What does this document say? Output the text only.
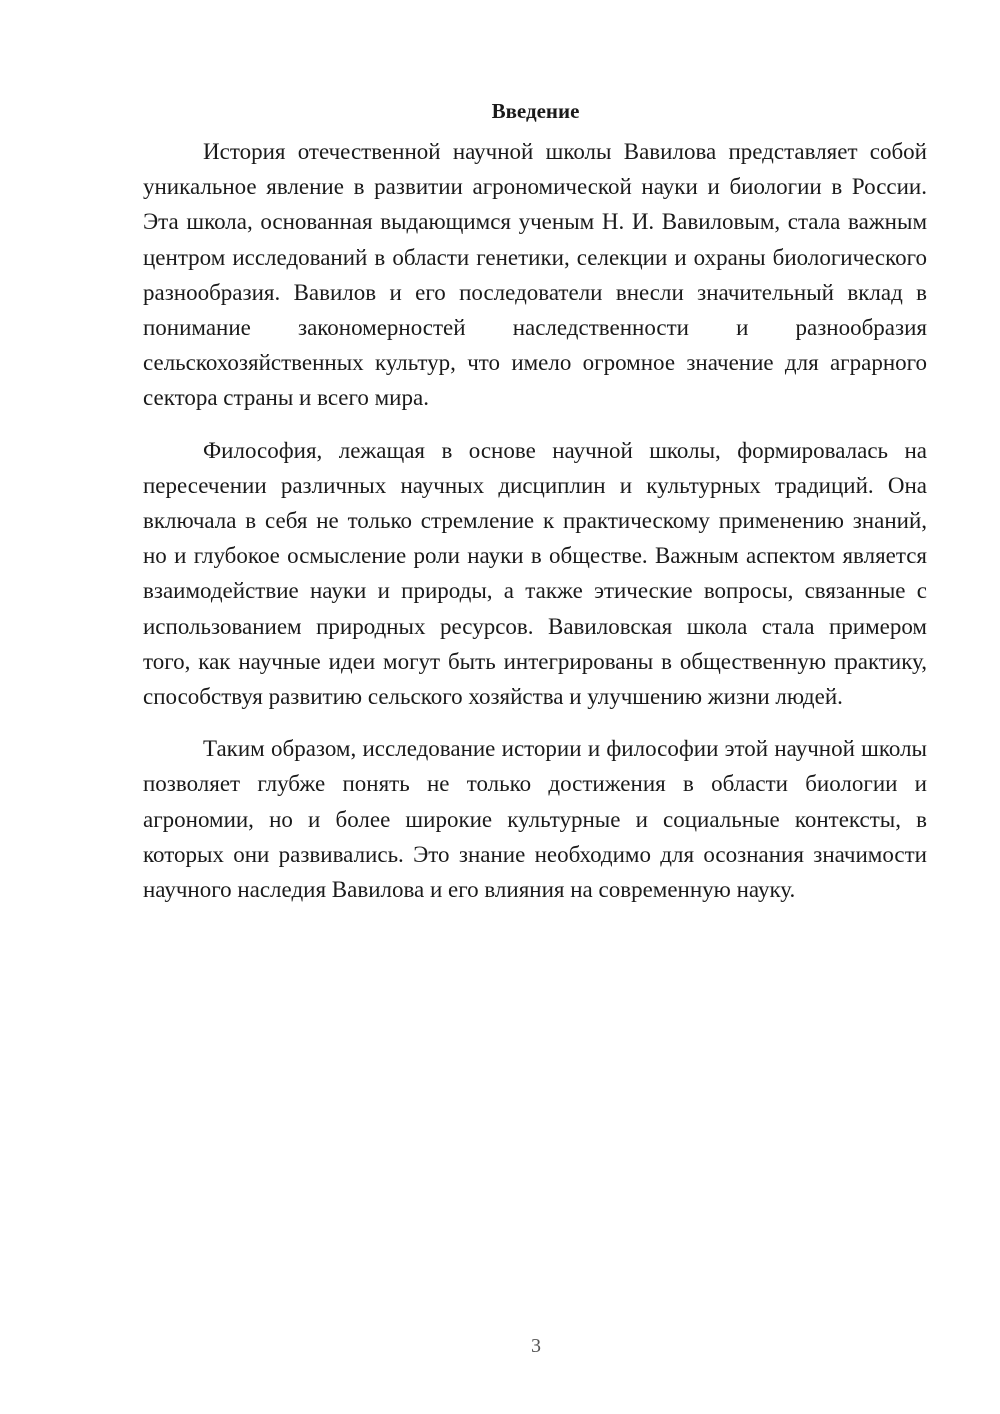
Введение

История отечественной научной школы Вавилова представляет собой уникальное явление в развитии агрономической науки и биологии в России. Эта школа, основанная выдающимся ученым Н. И. Вавиловым, стала важным центром исследований в области генетики, селекции и охраны биологического разнообразия. Вавилов и его последователи внесли значительный вклад в понимание закономерностей наследственности и разнообразия сельскохозяйственных культур, что имело огромное значение для аграрного сектора страны и всего мира.

Философия, лежащая в основе научной школы, формировалась на пересечении различных научных дисциплин и культурных традиций. Она включала в себя не только стремление к практическому применению знаний, но и глубокое осмысление роли науки в обществе. Важным аспектом является взаимодействие науки и природы, а также этические вопросы, связанные с использованием природных ресурсов. Вавиловская школа стала примером того, как научные идеи могут быть интегрированы в общественную практику, способствуя развитию сельского хозяйства и улучшению жизни людей.

Таким образом, исследование истории и философии этой научной школы позволяет глубже понять не только достижения в области биологии и агрономии, но и более широкие культурные и социальные контексты, в которых они развивались. Это знание необходимо для осознания значимости научного наследия Вавилова и его влияния на современную науку.

3
